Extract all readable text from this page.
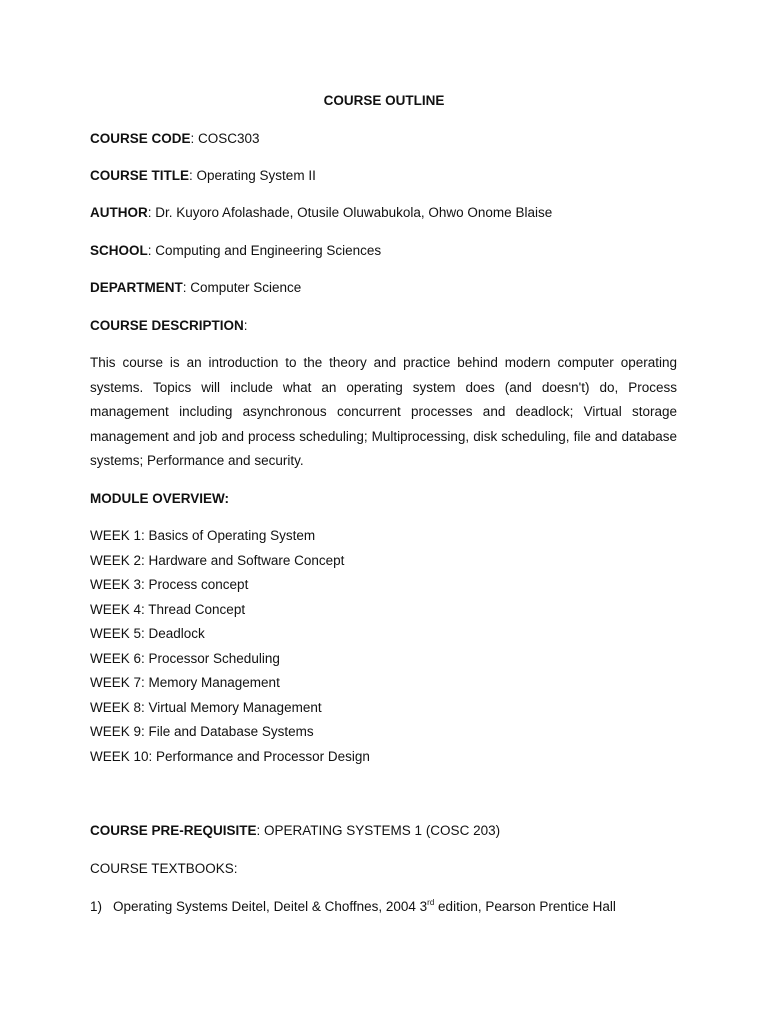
COURSE OUTLINE
COURSE CODE: COSC303
COURSE TITLE: Operating System II
AUTHOR: Dr. Kuyoro Afolashade, Otusile Oluwabukola, Ohwo Onome Blaise
SCHOOL: Computing and Engineering Sciences
DEPARTMENT: Computer Science
COURSE DESCRIPTION:
This course is an introduction to the theory and practice behind modern computer operating systems. Topics will include what an operating system does (and doesn't) do, Process management including asynchronous concurrent processes and deadlock; Virtual storage management and job and process scheduling; Multiprocessing, disk scheduling, file and database systems; Performance and security.
MODULE OVERVIEW:
WEEK 1: Basics of Operating System
WEEK 2: Hardware and Software Concept
WEEK 3: Process concept
WEEK 4: Thread Concept
WEEK 5: Deadlock
WEEK 6: Processor Scheduling
WEEK 7: Memory Management
WEEK 8: Virtual Memory Management
WEEK 9: File and Database Systems
WEEK 10: Performance and Processor Design
COURSE PRE-REQUISITE: OPERATING SYSTEMS 1 (COSC 203)
COURSE TEXTBOOKS:
1) Operating Systems Deitel, Deitel & Choffnes, 2004 3rd edition, Pearson Prentice Hall
